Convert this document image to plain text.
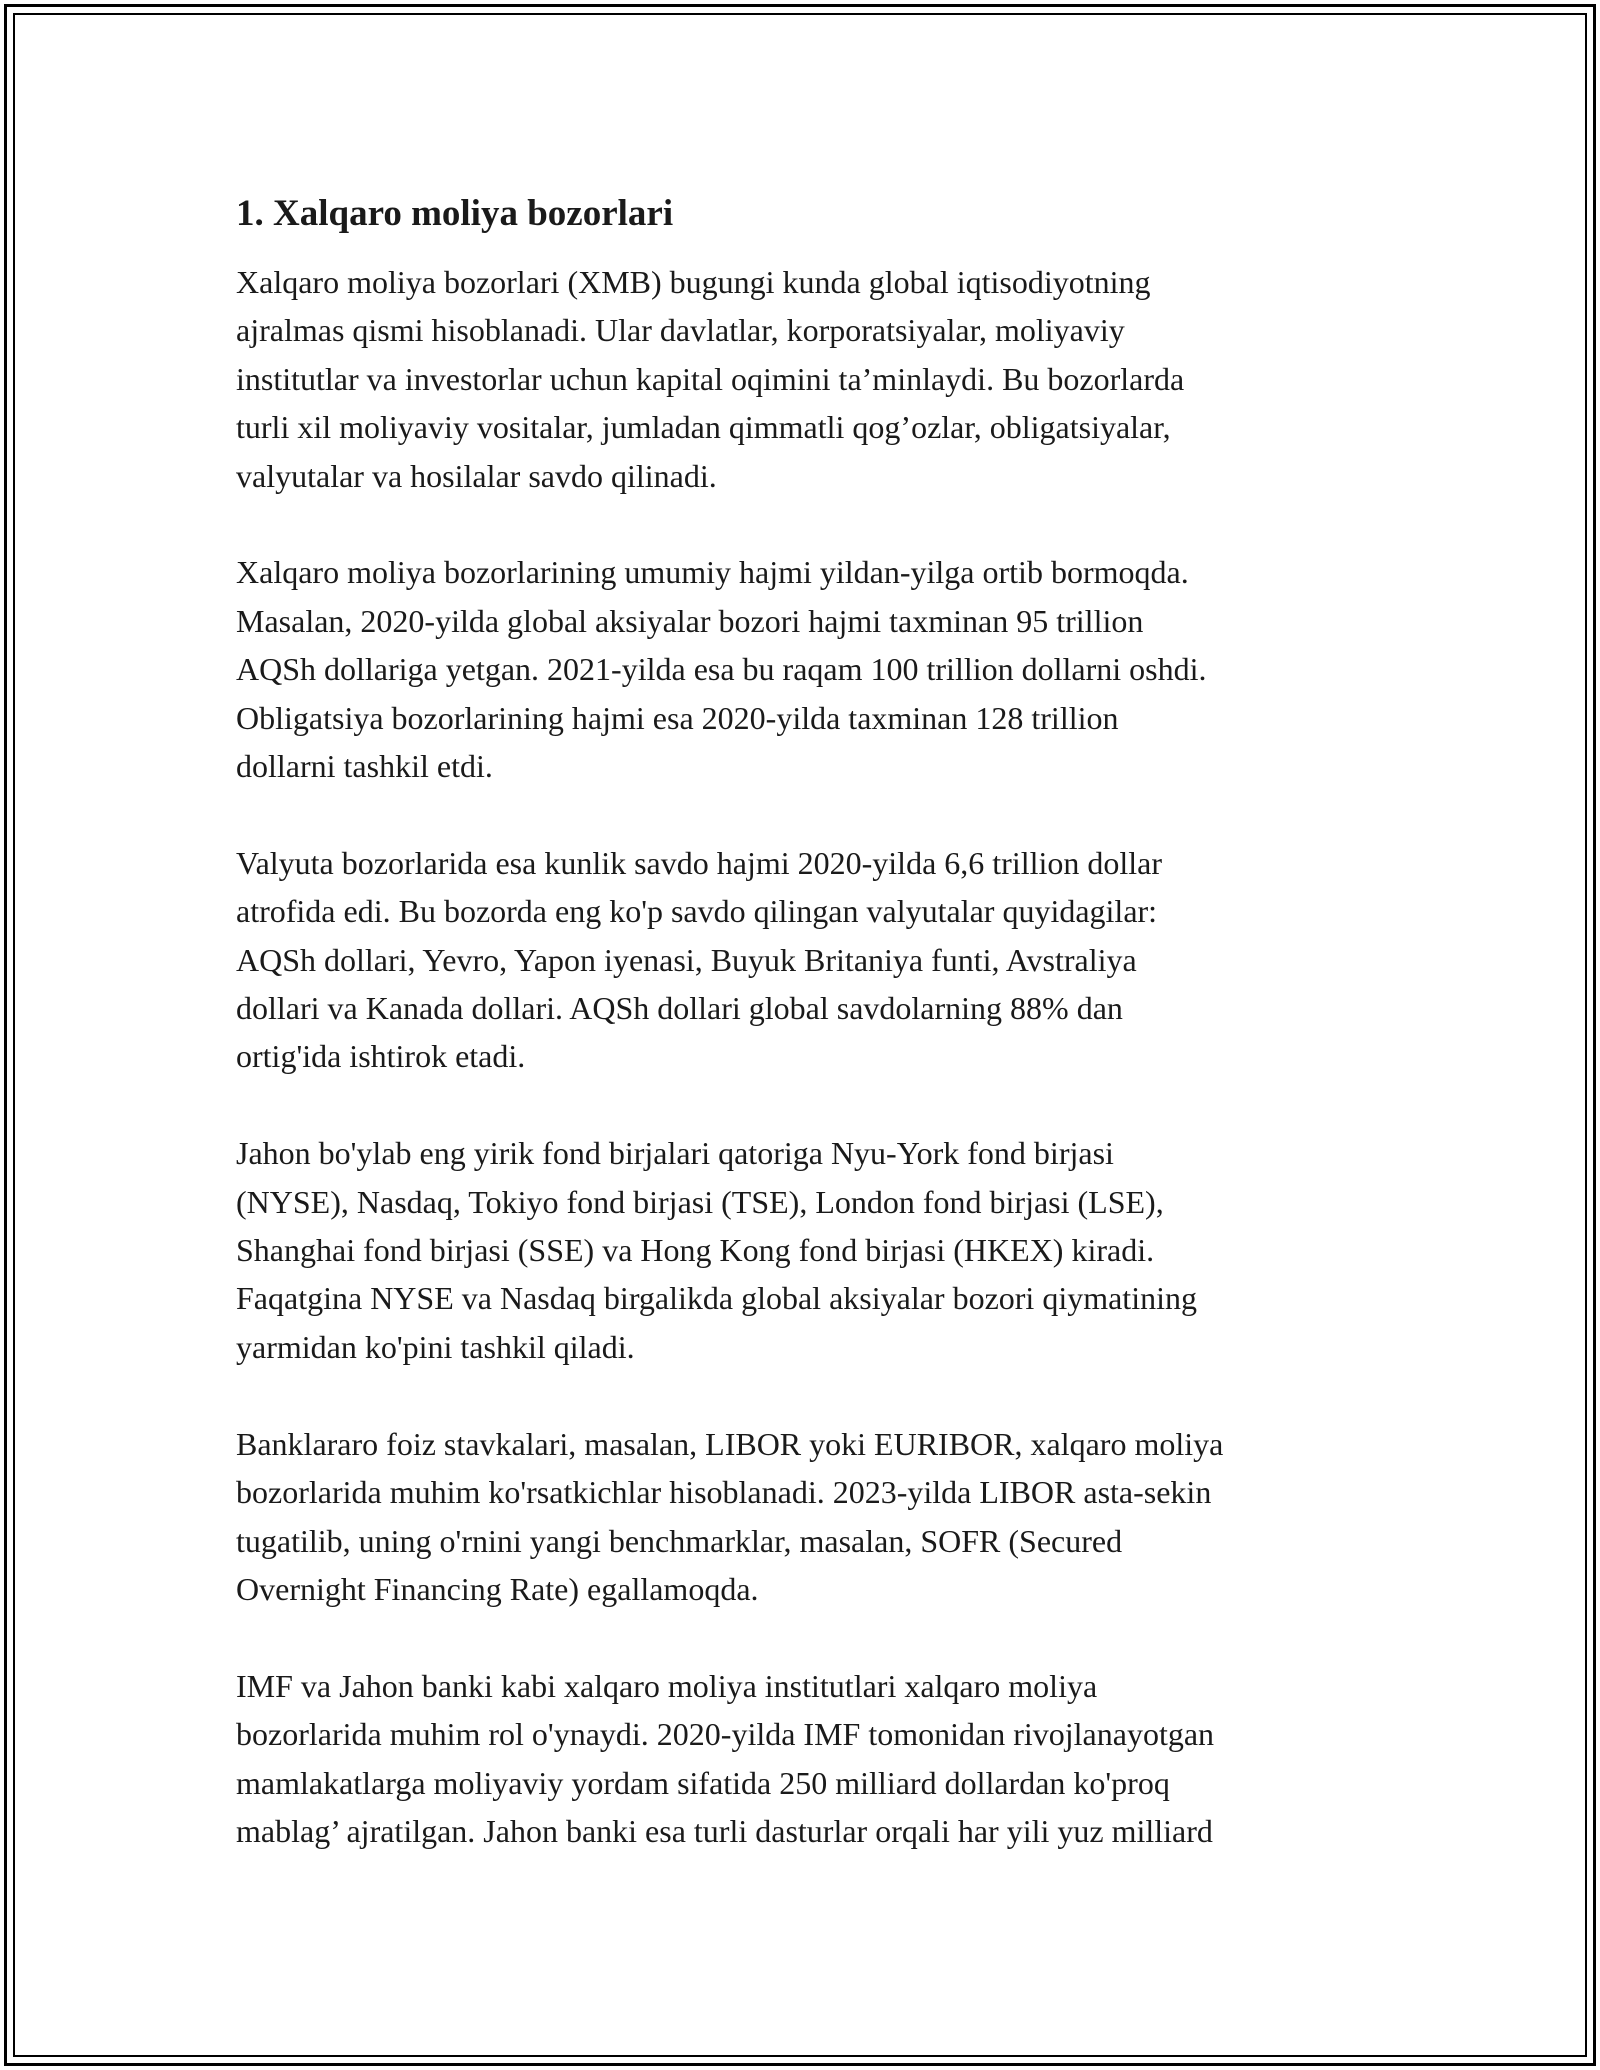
1. Xalqaro moliya bozorlari
Xalqaro moliya bozorlari (XMB) bugungi kunda global iqtisodiyotning
ajralmas qismi hisoblanadi. Ular davlatlar, korporatsiyalar, moliyaviy
institutlar va investorlar uchun kapital oqimini ta’minlaydi. Bu bozorlarda
turli xil moliyaviy vositalar, jumladan qimmatli qog’ozlar, obligatsiyalar,
valyutalar va hosilalar savdo qilinadi.
Xalqaro moliya bozorlarining umumiy hajmi yildan-yilga ortib bormoqda.
Masalan, 2020-yilda global aksiyalar bozori hajmi taxminan 95 trillion
AQSh dollariga yetgan. 2021-yilda esa bu raqam 100 trillion dollarni oshdi.
Obligatsiya bozorlarining hajmi esa 2020-yilda taxminan 128 trillion
dollarni tashkil etdi.
Valyuta bozorlarida esa kunlik savdo hajmi 2020-yilda 6,6 trillion dollar
atrofida edi. Bu bozorda eng ko'p savdo qilingan valyutalar quyidagilar:
AQSh dollari, Yevro, Yapon iyenasi, Buyuk Britaniya funti, Avstraliya
dollari va Kanada dollari. AQSh dollari global savdolarning 88% dan
ortig'ida ishtirok etadi.
Jahon bo'ylab eng yirik fond birjalari qatoriga Nyu-York fond birjasi
(NYSE), Nasdaq, Tokiyo fond birjasi (TSE), London fond birjasi (LSE),
Shanghai fond birjasi (SSE) va Hong Kong fond birjasi (HKEX) kiradi.
Faqatgina NYSE va Nasdaq birgalikda global aksiyalar bozori qiymatining
yarmidan ko'pini tashkil qiladi.
Banklararo foiz stavkalari, masalan, LIBOR yoki EURIBOR, xalqaro moliya
bozorlarida muhim ko'rsatkichlar hisoblanadi. 2023-yilda LIBOR asta-sekin
tugatilib, uning o'rnini yangi benchmarklar, masalan, SOFR (Secured
Overnight Financing Rate) egallamoqda.
IMF va Jahon banki kabi xalqaro moliya institutlari xalqaro moliya
bozorlarida muhim rol o'ynaydi. 2020-yilda IMF tomonidan rivojlanayotgan
mamlakatlarga moliyaviy yordam sifatida 250 milliard dollardan ko'proq
mablag’ ajratilgan. Jahon banki esa turli dasturlar orqali har yili yuz milliard
